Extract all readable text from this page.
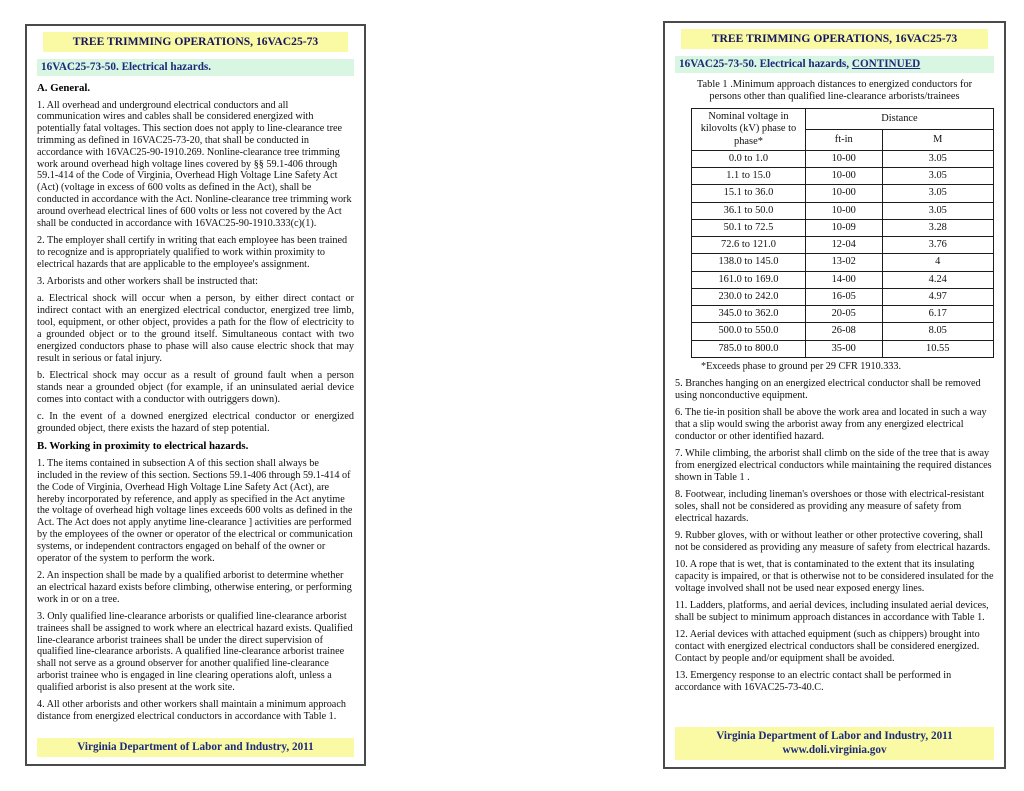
TREE TRIMMING OPERATIONS, 16VAC25-73
16VAC25-73-50. Electrical hazards.

A. General.

1. All overhead and underground electrical conductors and all communication wires and cables shall be considered energized with potentially fatal voltages. This section does not apply to line-clearance tree trimming as defined in 16VAC25-73-20, that shall be conducted in accordance with 16VAC25-90-1910.269. Nonline-clearance tree trimming work around overhead high voltage lines covered by §§ 59.1-406 through 59.1-414 of the Code of Virginia, Overhead High Voltage Line Safety Act (Act) (voltage in excess of 600 volts as defined in the Act), shall be conducted in accordance with the Act. Nonline-clearance tree trimming work around overhead electrical lines of 600 volts or less not covered by the Act shall be conducted in accordance with 16VAC25-90-1910.333(c)(1).

2. The employer shall certify in writing that each employee has been trained to recognize and is appropriately qualified to work within proximity to electrical hazards that are applicable to the employee's assignment.

3. Arborists and other workers shall be instructed that:

a. Electrical shock will occur when a person, by either direct contact or indirect contact with an energized electrical conductor, energized tree limb, tool, equipment, or other object, provides a path for the flow of electricity to a grounded object or to the ground itself. Simultaneous contact with two energized conductors phase to phase will also cause electric shock that may result in serious or fatal injury.

b. Electrical shock may occur as a result of ground fault when a person stands near a grounded object (for example, if an uninsulated aerial device comes into contact with a conductor with outriggers down).

c. In the event of a downed energized electrical conductor or energized grounded object, there exists the hazard of step potential.

B. Working in proximity to electrical hazards.

1. The items contained in subsection A of this section shall always be included in the review of this section. Sections 59.1-406 through 59.1-414 of the Code of Virginia, Overhead High Voltage Line Safety Act (Act), are hereby incorporated by reference, and apply as specified in the Act anytime the voltage of overhead high voltage lines exceeds 600 volts as defined in the Act. The Act does not apply anytime line-clearance ] activities are performed by the employees of the owner or operator of the electrical or communication systems, or independent contractors engaged on behalf of the owner or operator of the system to perform the work.

2. An inspection shall be made by a qualified arborist to determine whether an electrical hazard exists before climbing, otherwise entering, or performing work in or on a tree.

3. Only qualified line-clearance arborists or qualified line-clearance arborist trainees shall be assigned to work where an electrical hazard exists. Qualified line-clearance arborist trainees shall be under the direct supervision of qualified line-clearance arborists. A qualified line-clearance arborist trainee shall not serve as a ground observer for another qualified line-clearance arborist trainee who is engaged in line clearing operations aloft, unless a qualified arborist is also present at the work site.

4. All other arborists and other workers shall maintain a minimum approach distance from energized electrical conductors in accordance with Table 1.

Virginia Department of Labor and Industry, 2011
TREE TRIMMING OPERATIONS, 16VAC25-73
16VAC25-73-50. Electrical hazards, CONTINUED
Table 1 .Minimum approach distances to energized conductors for persons other than qualified line-clearance arborists/trainees
Nominal voltage in kilovolts (kV) phase to phase*	Distance	
	ft-in	M
0.0 to 1.0	10-00	3.05
1.1 to 15.0	10-00	3.05
15.1 to 36.0	10-00	3.05
36.1 to 50.0	10-00	3.05
50.1 to 72.5	10-09	3.28
72.6 to 121.0	12-04	3.76
138.0 to 145.0	13-02	4
161.0 to 169.0	14-00	4.24
230.0 to 242.0	16-05	4.97
345.0 to 362.0	20-05	6.17
500.0 to 550.0	26-08	8.05
785.0 to 800.0	35-00	10.55
*Exceeds phase to ground per 29 CFR 1910.333.

5. Branches hanging on an energized electrical conductor shall be removed using nonconductive equipment.

6. The tie-in position shall be above the work area and located in such a way that a slip would swing the arborist away from any energized electrical conductor or other identified hazard.

7. While climbing, the arborist shall climb on the side of the tree that is away from energized electrical conductors while maintaining the required distances shown in Table 1 .

8. Footwear, including lineman's overshoes or those with electrical-resistant soles, shall not be considered as providing any measure of safety from electrical hazards.

9. Rubber gloves, with or without leather or other protective covering, shall not be considered as providing any measure of safety from electrical hazards.

10. A rope that is wet, that is contaminated to the extent that its insulating capacity is impaired, or that is otherwise not to be considered insulated for the voltage involved shall not be used near exposed energy lines.

11. Ladders, platforms, and aerial devices, including insulated aerial devices, shall be subject to minimum approach distances in accordance with Table 1.

12. Aerial devices with attached equipment (such as chippers) brought into contact with energized electrical conductors shall be considered energized. Contact by people and/or equipment shall be avoided.

13. Emergency response to an electric contact shall be performed in accordance with 16VAC25-73-40.C.

Virginia Department of Labor and Industry, 2011
www.doli.virginia.gov
